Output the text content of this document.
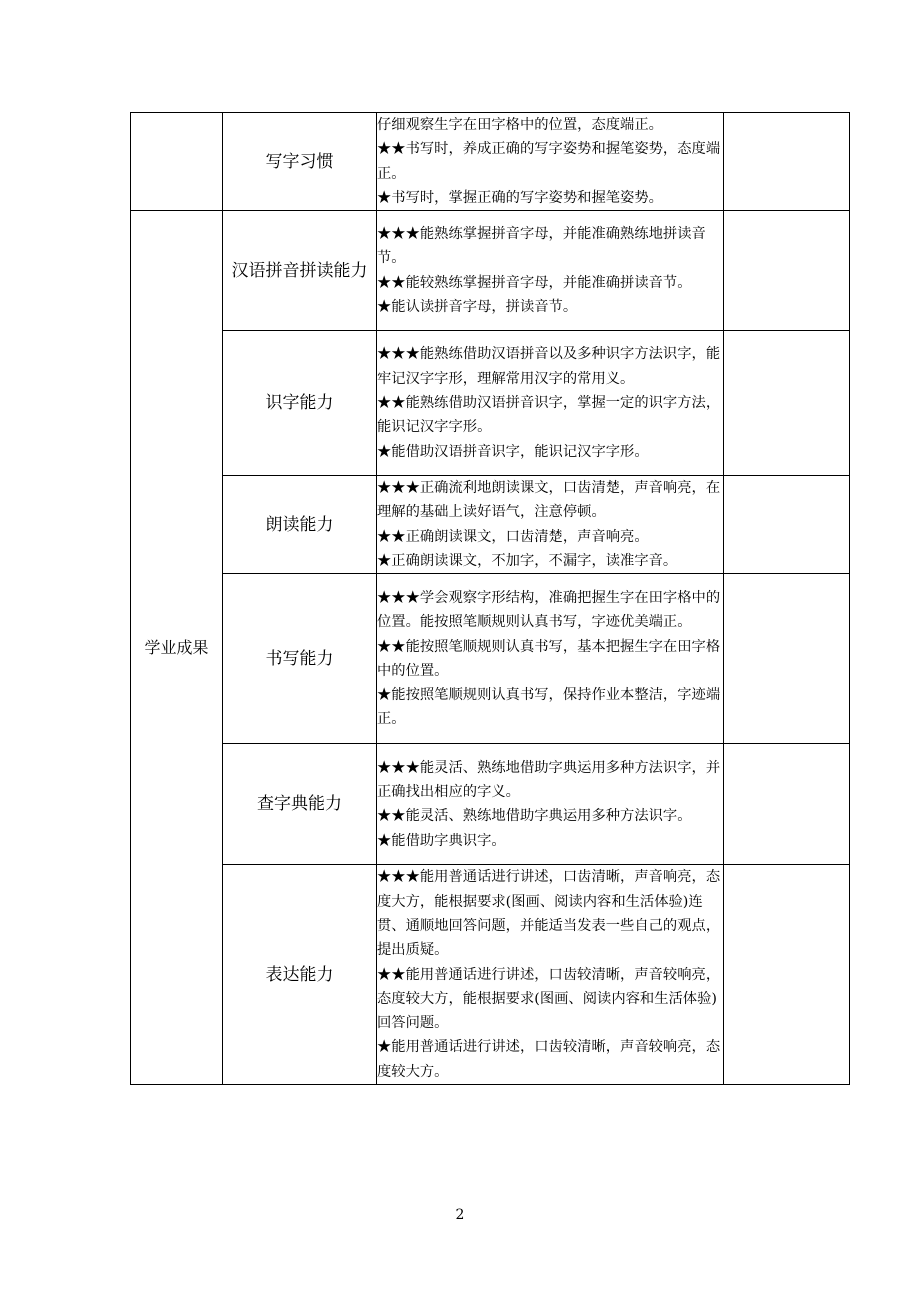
	写字习惯	仔细观察生字在田字格中的位置，态度端正。

★★书写时，养成正确的写字姿势和握笔姿势，态度端正。

★书写时，掌握正确的写字姿势和握笔姿势。	

学业成果	汉语拼音拼读能力	★★★能熟练掌握拼音字母，并能准确熟练地拼读音节。

★★能较熟练掌握拼音字母，并能准确拼读音节。

★能认读拼音字母，拼读音节。	

	识字能力	★★★能熟练借助汉语拼音以及多种识字方法识字，能牢记汉字字形，理解常用汉字的常用义。

★★能熟练借助汉语拼音识字，掌握一定的识字方法，能识记汉字字形。

★能借助汉语拼音识字，能识记汉字字形。	

	朗读能力	★★★正确流利地朗读课文，口齿清楚，声音响亮，在理解的基础上读好语气，注意停顿。

★★正确朗读课文，口齿清楚，声音响亮。

★正确朗读课文，不加字，不漏字，读准字音。	

	书写能力	★★★学会观察字形结构，准确把握生字在田字格中的位置。能按照笔顺规则认真书写，字迹优美端正。

★★能按照笔顺规则认真书写，基本把握生字在田字格中的位置。

★能按照笔顺规则认真书写，保持作业本整洁，字迹端正。	

	查字典能力	★★★能灵活、熟练地借助字典运用多种方法识字，并正确找出相应的字义。

★★能灵活、熟练地借助字典运用多种方法识字。

★能借助字典识字。	

	表达能力	★★★能用普通话进行讲述，口齿清晰，声音响亮，态度大方，能根据要求(图画、阅读内容和生活体验)连贯、通顺地回答问题，并能适当发表一些自己的观点，提出质疑。

★★能用普通话进行讲述，口齿较清晰，声音较响亮，态度较大方，能根据要求(图画、阅读内容和生活体验)回答问题。

★能用普通话进行讲述，口齿较清晰，声音较响亮，态度较大方。	

2
